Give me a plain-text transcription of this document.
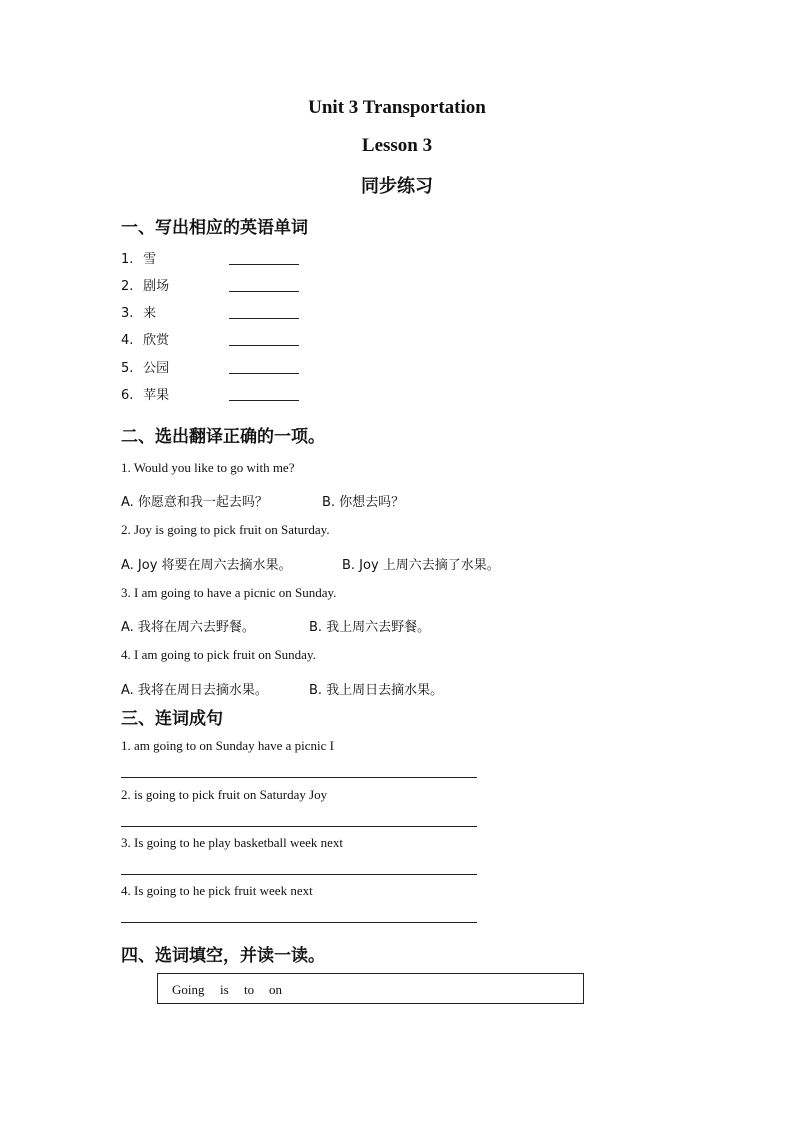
Unit 3 Transportation
Lesson 3
同步练习
一、写出相应的英语单词
1. 雪
2. 剧场
3. 来
4. 欣赏
5. 公园
6. 苹果
二、选出翻译正确的一项。
1. Would you like to go with me?
A. 你愿意和我一起去吗？	B. 你想去吗？
2. Joy is going to pick fruit on Saturday.
A. Joy 将要在周六去摘水果。	B. Joy 上周六去摘了水果。
3. I am going to have a picnic on Sunday.
A. 我将在周六去野餐。	B. 我上周六去野餐。
4. I am going to pick fruit on Sunday.
A. 我将在周日去摘水果。	B. 我上周日去摘水果。
三、连词成句
1. am going to on Sunday have a picnic I
2. is going to pick fruit on Saturday Joy
3. Is going to he play basketball week next
4. Is going to he pick fruit week next
四、选词填空，并读一读。
Going is to on
